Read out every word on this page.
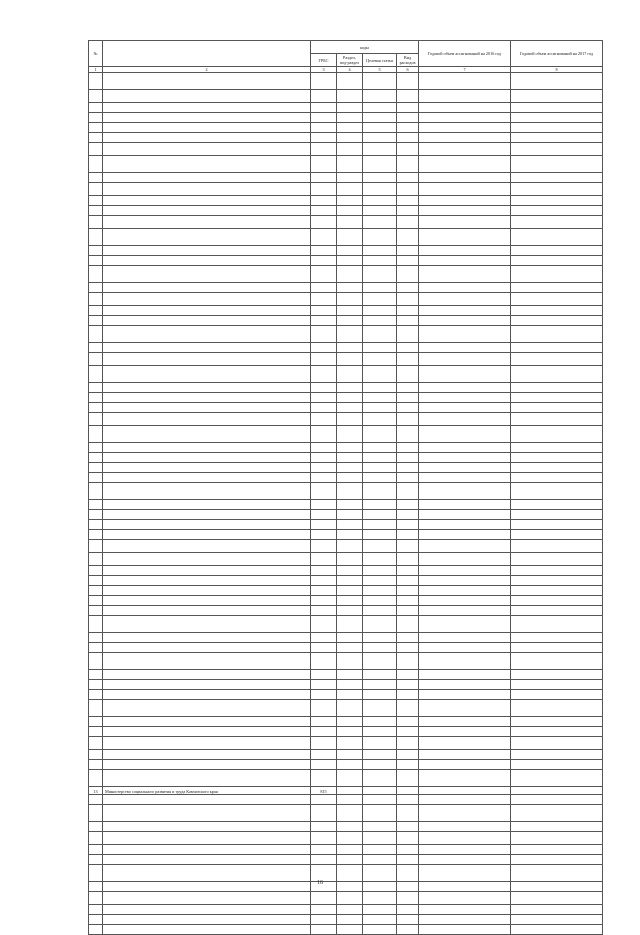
№		коды				Годовой объем ассигнований на 2016 год	Годовой объем ассигнований на 2017 год
		ГРБС	Раздел, под-раздел	Целевая статья	Вид расходов		
1	2	3	4	5	6	7	8

13	Министерство социального развития и труда Камчатского края	815					

16
